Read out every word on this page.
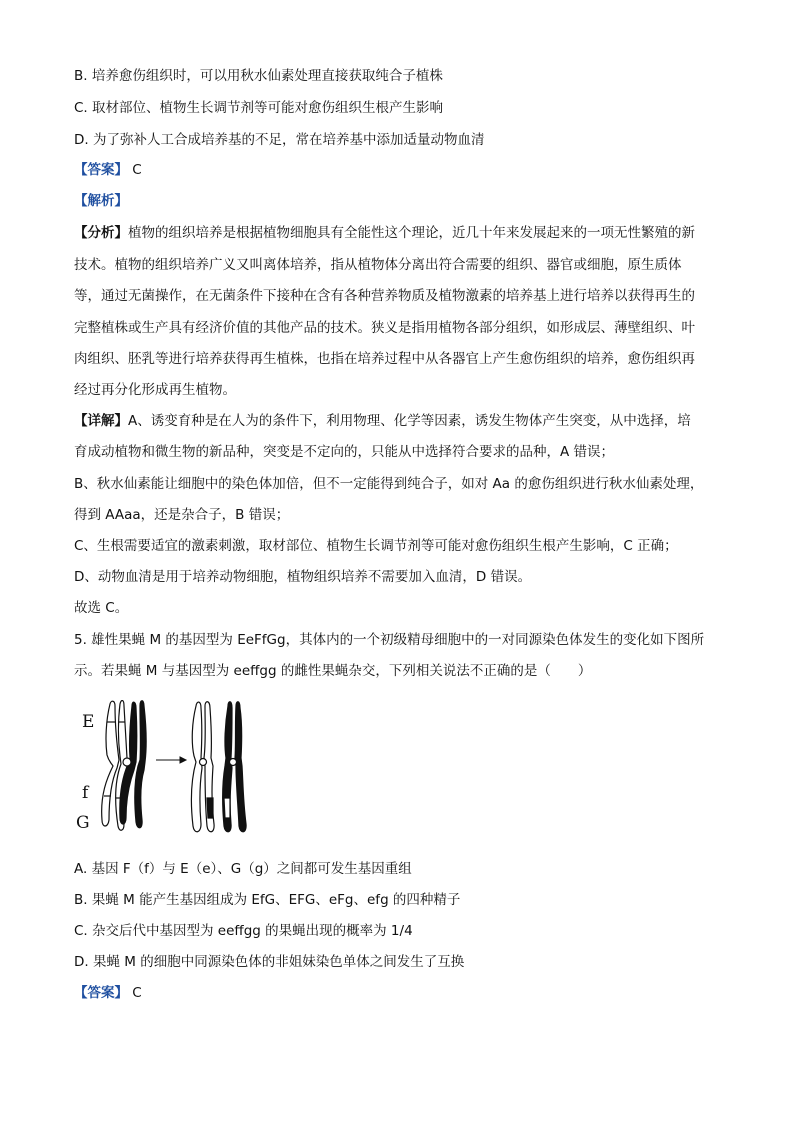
B. 培养愈伤组织时，可以用秋水仙素处理直接获取纯合子植株
C. 取材部位、植物生长调节剂等可能对愈伤组织生根产生影响
D. 为了弥补人工合成培养基的不足，常在培养基中添加适量动物血清
【答案】 C
【解析】
【分析】植物的组织培养是根据植物细胞具有全能性这个理论，近几十年来发展起来的一项无性繁殖的新
技术。植物的组织培养广义又叫离体培养，指从植物体分离出符合需要的组织、器官或细胞，原生质体
等，通过无菌操作，在无菌条件下接种在含有各种营养物质及植物激素的培养基上进行培养以获得再生的
完整植株或生产具有经济价值的其他产品的技术。狭义是指用植物各部分组织，如形成层、薄壁组织、叶
肉组织、胚乳等进行培养获得再生植株，也指在培养过程中从各器官上产生愈伤组织的培养，愈伤组织再
经过再分化形成再生植物。
【详解】A、诱变育种是在人为的条件下，利用物理、化学等因素，诱发生物体产生突变，从中选择，培
育成动植物和微生物的新品种，突变是不定向的，只能从中选择符合要求的品种，A 错误；
B、秋水仙素能让细胞中的染色体加倍，但不一定能得到纯合子，如对 Aa 的愈伤组织进行秋水仙素处理，
得到 AAaa，还是杂合子，B 错误；
C、生根需要适宜的激素刺激，取材部位、植物生长调节剂等可能对愈伤组织生根产生影响，C 正确；
D、动物血清是用于培养动物细胞，植物组织培养不需要加入血清，D 错误。
故选 C。
5. 雄性果蝇 M 的基因型为 EeFfGg，其体内的一个初级精母细胞中的一对同源染色体发生的变化如下图所
示。若果蝇 M 与基因型为 eeffgg 的雌性果蝇杂交，下列相关说法不正确的是（　　）
E
f
G
A. 基因 F（f）与 E（e）、G（g）之间都可发生基因重组
B. 果蝇 M 能产生基因组成为 EfG、EFG、eFg、efg 的四种精子
C. 杂交后代中基因型为 eeffgg 的果蝇出现的概率为 1/4
D. 果蝇 M 的细胞中同源染色体的非姐妹染色单体之间发生了互换
【答案】 C
